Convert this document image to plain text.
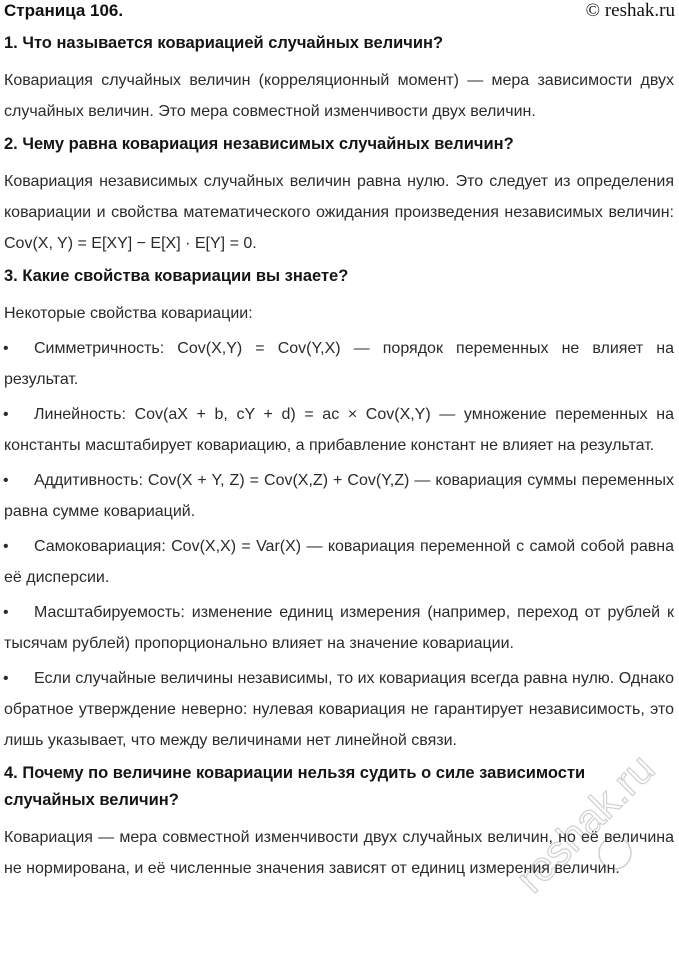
Страница 106.	© reshak.ru
1. Что называется ковариацией случайных величин?

Ковариация случайных величин (корреляционный момент) — мера зависимости двух случайных величин. Это мера совместной изменчивости двух величин.

2. Чему равна ковариация независимых случайных величин?

Ковариация независимых случайных величин равна нулю. Это следует из определения ковариации и свойства математического ожидания произведения независимых величин: Cov(X, Y) = E[XY] − E[X] · E[Y] = 0.

3. Какие свойства ковариации вы знаете?

Некоторые свойства ковариации:

• Симметричность: Cov(X,Y) = Cov(Y,X) — порядок переменных не влияет на результат.
• Линейность: Cov(aX + b, cY + d) = ac × Cov(X,Y) — умножение переменных на константы масштабирует ковариацию, а прибавление констант не влияет на результат.
• Аддитивность: Cov(X + Y, Z) = Cov(X,Z) + Cov(Y,Z) — ковариация суммы переменных равна сумме ковариаций.
• Самоковариация: Cov(X,X) = Var(X) — ковариация переменной с самой собой равна её дисперсии.
• Масштабируемость: изменение единиц измерения (например, переход от рублей к тысячам рублей) пропорционально влияет на значение ковариации.
• Если случайные величины независимы, то их ковариация всегда равна нулю. Однако обратное утверждение неверно: нулевая ковариация не гарантирует независимость, это лишь указывает, что между величинами нет линейной связи.
4. Почему по величине ковариации нельзя судить о силе зависимости случайных величин?

Ковариация — мера совместной изменчивости двух случайных величин, но её величина не нормирована, и её численные значения зависят от единиц измерения величин.

reshak.ru
